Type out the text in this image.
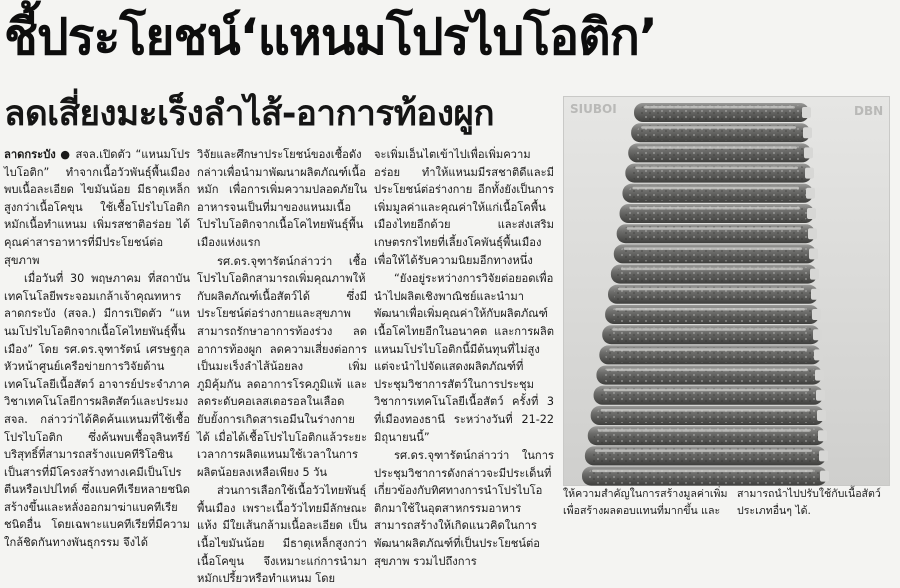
ชี้ประโยชน์‘แหนมโปรไบโอติก’
ลดเสี่ยงมะเร็งลำไส้-อาการท้องผูก

ลาดกระบัง ● สจล.เปิดตัว “แหนมโปรไบโอติก” ทำจากเนื้อวัวพันธุ์พื้นเมือง พบเนื้อละเอียด ไขมันน้อย มีธาตุเหล็กสูงกว่าเนื้อโคขุน ใช้เชื้อโปรไบโอติกหมักเนื้อทำแหนม เพิ่มรสชาติอร่อย ได้คุณค่าสารอาหารที่มีประโยชน์ต่อสุขภาพ

เมื่อวันที่ 30 พฤษภาคม ที่สถาบันเทคโนโลยีพระจอมเกล้าเจ้าคุณทหารลาดกระบัง (สจล.) มีการเปิดตัว “แหนมโปรไบโอติกจากเนื้อโคไทยพันธุ์พื้นเมือง” โดย รศ.ดร.จุฑารัตน์ เศรษฐกุล หัวหน้าศูนย์เครือข่ายการวิจัยด้านเทคโนโลยีเนื้อสัตว์ อาจารย์ประจำภาควิชาเทคโนโลยีการผลิตสัตว์และประมง สจล. กล่าวว่าได้คิดค้นแหนมที่ใช้เชื้อโปรไบโอติก ซึ่งค้นพบเชื้อจุลินทรีย์บริสุทธิ์ที่สามารถสร้างแบคทีริโอซิน เป็นสารที่มีโครงสร้างทางเคมีเป็นโปรตีนหรือเปปไทด์ ซึ่งแบคทีเรียหลายชนิดสร้างขึ้นและหลั่งออกมาฆ่าแบคทีเรียชนิดอื่น โดยเฉพาะแบคทีเรียที่มีความใกล้ชิดกันทางพันธุกรรม จึงได้

วิจัยและศึกษาประโยชน์ของเชื้อดังกล่าวเพื่อนำมาพัฒนาผลิตภัณฑ์เนื้อหมัก เพื่อการเพิ่มความปลอดภัยในอาหารจนเป็นที่มาของแหนมเนื้อโปรไบโอติกจากเนื้อโคไทยพันธุ์พื้นเมืองแห่งแรก

รศ.ดร.จุฑารัตน์กล่าวว่า เชื้อโปรไบโอติกสามารถเพิ่มคุณภาพให้กับผลิตภัณฑ์เนื้อสัตว์ได้ ซึ่งมีประโยชน์ต่อร่างกายและสุขภาพ สามารถรักษาอาการท้องร่วง ลดอาการท้องผูก ลดความเสี่ยงต่อการเป็นมะเร็งลำไส้น้อยลง เพิ่มภูมิคุ้มกัน ลดอาการโรคภูมิแพ้ และลดระดับคอเลสเตอรอลในเลือด ยับยั้งการเกิดสารเอมีนในร่างกายได้ เมื่อได้เชื้อโปรไบโอติกแล้วระยะเวลาการผลิตแหนมใช้เวลาในการผลิตน้อยลงเหลือเพียง 5 วัน

ส่วนการเลือกใช้เนื้อวัวไทยพันธุ์พื้นเมือง เพราะเนื้อวัวไทยมีลักษณะแห้ง มีใยเส้นกล้ามเนื้อละเอียด เป็นเนื้อไขมันน้อย มีธาตุเหล็กสูงกว่าเนื้อโคขุน จึงเหมาะแก่การนำมาหมักเปรี้ยวหรือทำแหนม โดย

จะเพิ่มเอ็นไตเข้าไปเพื่อเพิ่มความอร่อย ทำให้แหนมมีรสชาติดีและมีประโยชน์ต่อร่างกาย อีกทั้งยังเป็นการเพิ่มมูลค่าและคุณค่าให้แก่เนื้อโคพื้นเมืองไทยอีกด้วย และส่งเสริมเกษตรกรไทยที่เลี้ยงโคพันธุ์พื้นเมืองเพื่อให้ได้รับความนิยมอีกทางหนึ่ง

“ยังอยู่ระหว่างการวิจัยต่อยอดเพื่อนำไปผลิตเชิงพาณิชย์และนำมาพัฒนาเพื่อเพิ่มคุณค่าให้กับผลิตภัณฑ์เนื้อโคไทยอีกในอนาคต และการผลิตแหนมโปรไบโอติกนี้มีต้นทุนที่ไม่สูง แต่จะนำไปจัดแสดงผลิตภัณฑ์ที่ประชุมวิชาการสัตว์ในการประชุมวิชาการเทคโนโลยีเนื้อสัตว์ ครั้งที่ 3 ที่เมืองทองธานี ระหว่างวันที่ 21-22 มิถุนายนนี้”

รศ.ดร.จุฑารัตน์กล่าวว่า ในการประชุมวิชาการดังกล่าวจะมีประเด็นที่เกี่ยวข้องกับทิศทางการนำโปรไบโอติกมาใช้ในอุตสาหกรรมอาหาร สามารถสร้างให้เกิดแนวคิดในการพัฒนาผลิตภัณฑ์ที่เป็นประโยชน์ต่อสุขภาพ รวมไปถึงการ

SIUBOI	DBN
ให้ความสำคัญในการสร้างมูลค่าเพิ่มเพื่อสร้างผลตอบแทนที่มากขึ้น และ
สามารถนำไปปรับใช้กับเนื้อสัตว์ประเภทอื่นๆ ได้.
